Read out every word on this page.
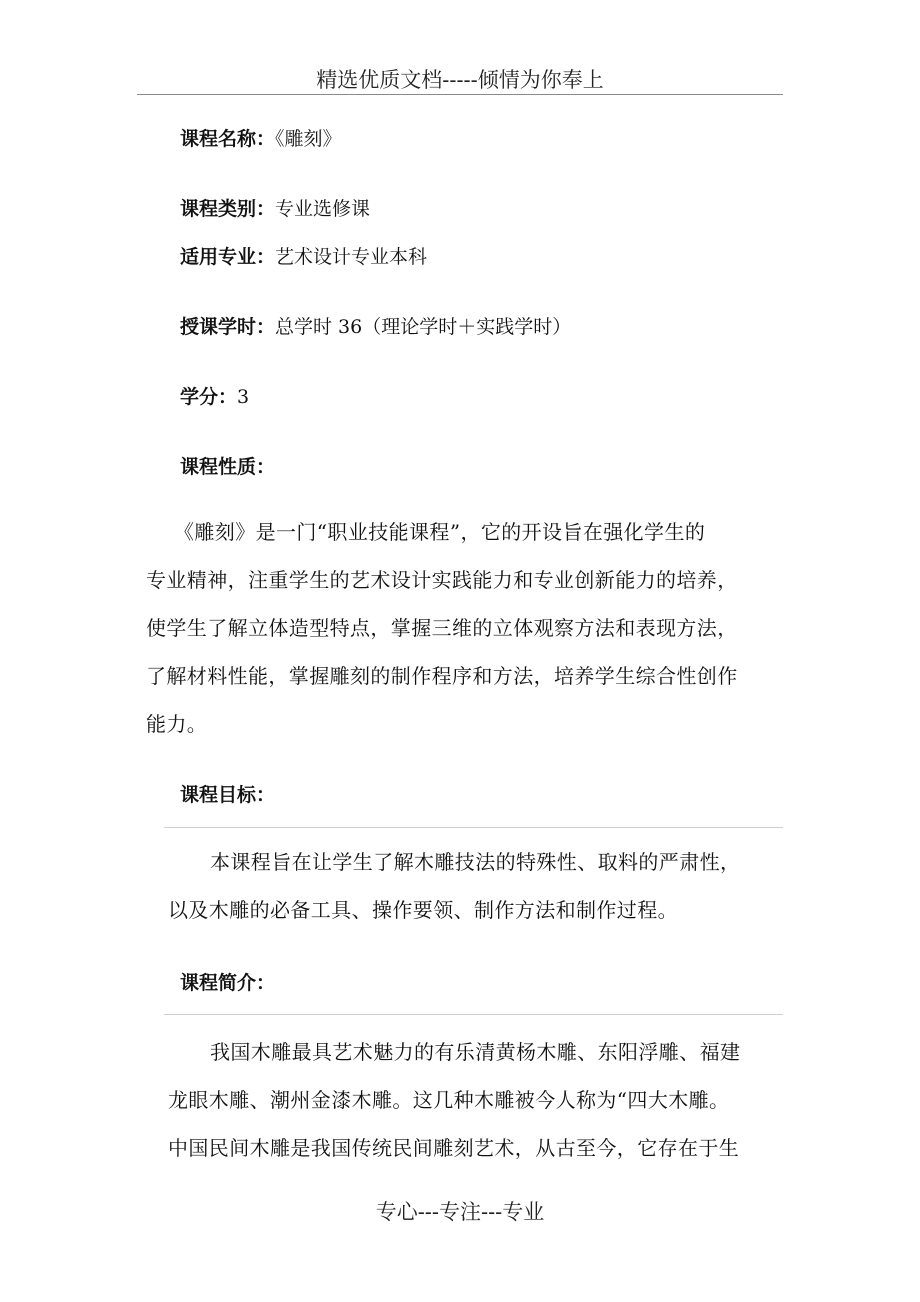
精选优质文档-----倾情为你奉上
课程名称：《雕刻》
课程类别：专业选修课
适用专业：艺术设计专业本科
授课学时：总学时 36（理论学时＋实践学时）
学分：3
课程性质：
《雕刻》是一门“职业技能课程”，它的开设旨在强化学生的
专业精神，注重学生的艺术设计实践能力和专业创新能力的培养，
使学生了解立体造型特点，掌握三维的立体观察方法和表现方法，
了解材料性能，掌握雕刻的制作程序和方法，培养学生综合性创作
能力。
课程目标：
本课程旨在让学生了解木雕技法的特殊性、取料的严肃性，
以及木雕的必备工具、操作要领、制作方法和制作过程。
课程简介：
我国木雕最具艺术魅力的有乐清黄杨木雕、东阳浮雕、福建
龙眼木雕、潮州金漆木雕。这几种木雕被今人称为“四大木雕。
中国民间木雕是我国传统民间雕刻艺术，从古至今，它存在于生
专心---专注---专业
